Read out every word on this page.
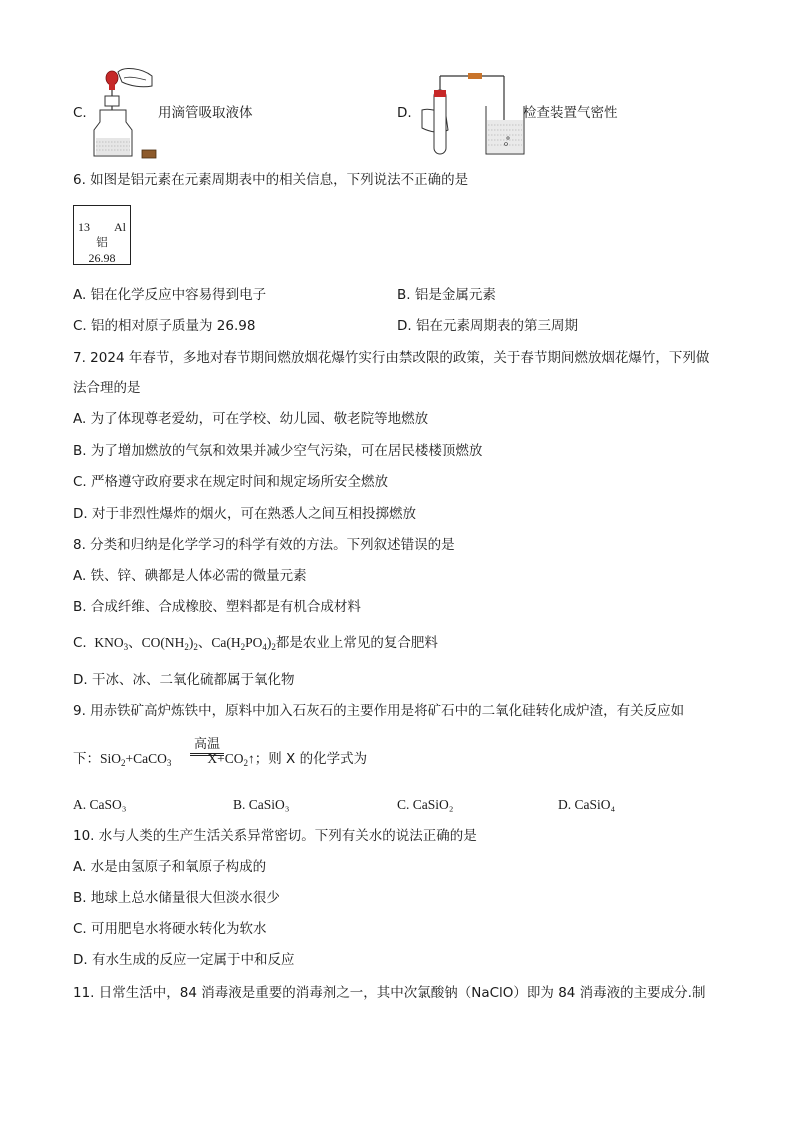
C.	用滴管吸取液体	D.	检查装置气密性
6. 如图是铝元素在元素周期表中的相关信息，下列说法不正确的是
13 Al
铝
26.98
A. 铝在化学反应中容易得到电子	B. 铝是金属元素
C. 铝的相对原子质量为 26.98	D. 铝在元素周期表的第三周期
7. 2024 年春节，多地对春节期间燃放烟花爆竹实行由禁改限的政策，关于春节期间燃放烟花爆竹，下列做
法合理的是
A. 为了体现尊老爱幼，可在学校、幼儿园、敬老院等地燃放
B. 为了增加燃放的气氛和效果并减少空气污染，可在居民楼楼顶燃放
C. 严格遵守政府要求在规定时间和规定场所安全燃放
D. 对于非烈性爆炸的烟火，可在熟悉人之间互相投掷燃放
8. 分类和归纳是化学学习的科学有效的方法。下列叙述错误的是
A. 铁、锌、碘都是人体必需的微量元素
B. 合成纤维、合成橡胶、塑料都是有机合成材料
C.  $KNO_3$、$CO(NH_2)_2$、$Ca(H_2PO_4)_2$都是农业上常见的复合肥料
D. 干冰、冰、二氧化硫都属于氧化物
9. 用赤铁矿高炉炼铁中，原料中加入石灰石的主要作用是将矿石中的二氧化硅转化成炉渣，有关反应如
下：SiO$_2$+CaCO$_3$	$X+CO_2↑$；则 X 的化学式为
高温
A. CaSO₃	B. CaSiO₃	C. CaSiO₂	D. CaSiO₄
10. 水与人类的生产生活关系异常密切。下列有关水的说法正确的是
A. 水是由氢原子和氧原子构成的
B. 地球上总水储量很大但淡水很少
C. 可用肥皂水将硬水转化为软水
D. 有水生成的反应一定属于中和反应
11. 日常生活中，84 消毒液是重要的消毒剂之一，其中次氯酸钠（NaClO）即为 84 消毒液的主要成分.制
